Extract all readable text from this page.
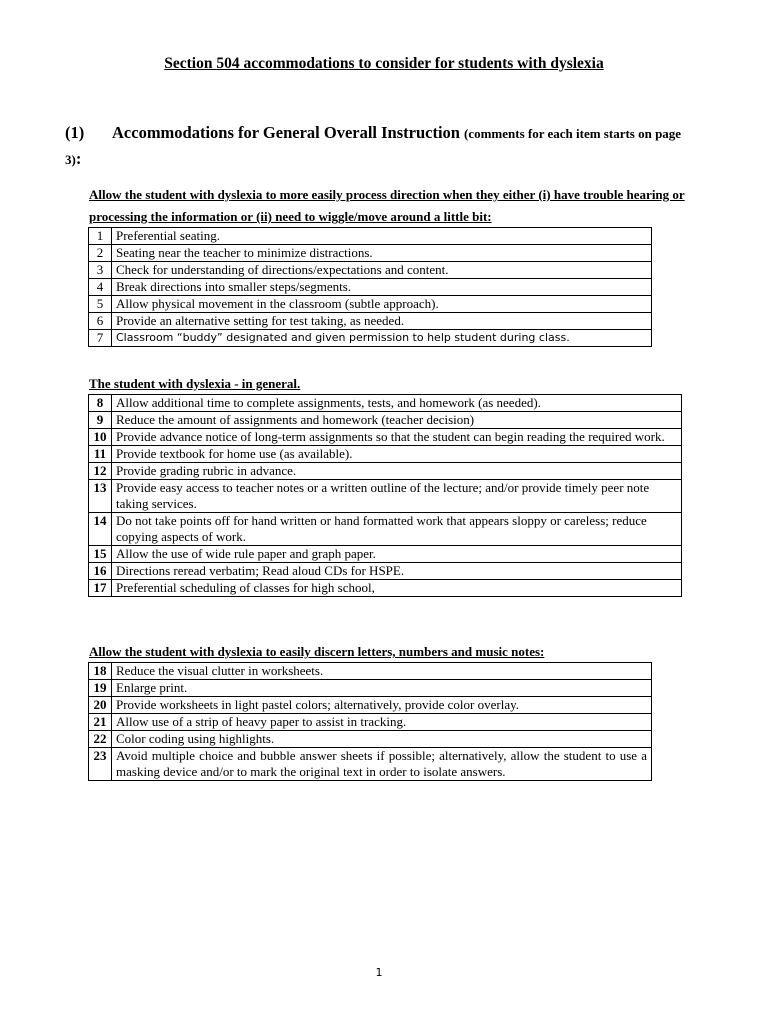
Section 504 accommodations to consider for students with dyslexia
(1) Accommodations for General Overall Instruction (comments for each item starts on page 3):
Allow the student with dyslexia to more easily process direction when they either (i) have trouble hearing or processing the information or (ii) need to wiggle/move around a little bit:
1	Preferential seating.
2	Seating near the teacher to minimize distractions.
3	Check for understanding of directions/expectations and content.
4	Break directions into smaller steps/segments.
5	Allow physical movement in the classroom (subtle approach).
6	Provide an alternative setting for test taking, as needed.
7	Classroom “buddy” designated and given permission to help student during class.
The student with dyslexia - in general.
8	Allow additional time to complete assignments, tests, and homework (as needed).
9	Reduce the amount of assignments and homework (teacher decision)
10	Provide advance notice of long-term assignments so that the student can begin reading the required work.
11	Provide textbook for home use (as available).
12	Provide grading rubric in advance.
13	Provide easy access to teacher notes or a written outline of the lecture; and/or provide timely peer note taking services.
14	Do not take points off for hand written or hand formatted work that appears sloppy or careless; reduce copying aspects of work.
15	Allow the use of wide rule paper and graph paper.
16	Directions reread verbatim; Read aloud CDs for HSPE.
17	Preferential scheduling of classes for high school,
Allow the student with dyslexia to easily discern letters, numbers and music notes:
18	Reduce the visual clutter in worksheets.
19	Enlarge print.
20	Provide worksheets in light pastel colors; alternatively, provide color overlay.
21	Allow use of a strip of heavy paper to assist in tracking.
22	Color coding using highlights.
23	Avoid multiple choice and bubble answer sheets if possible; alternatively, allow the student to use a masking device and/or to mark the original text in order to isolate answers.
1
